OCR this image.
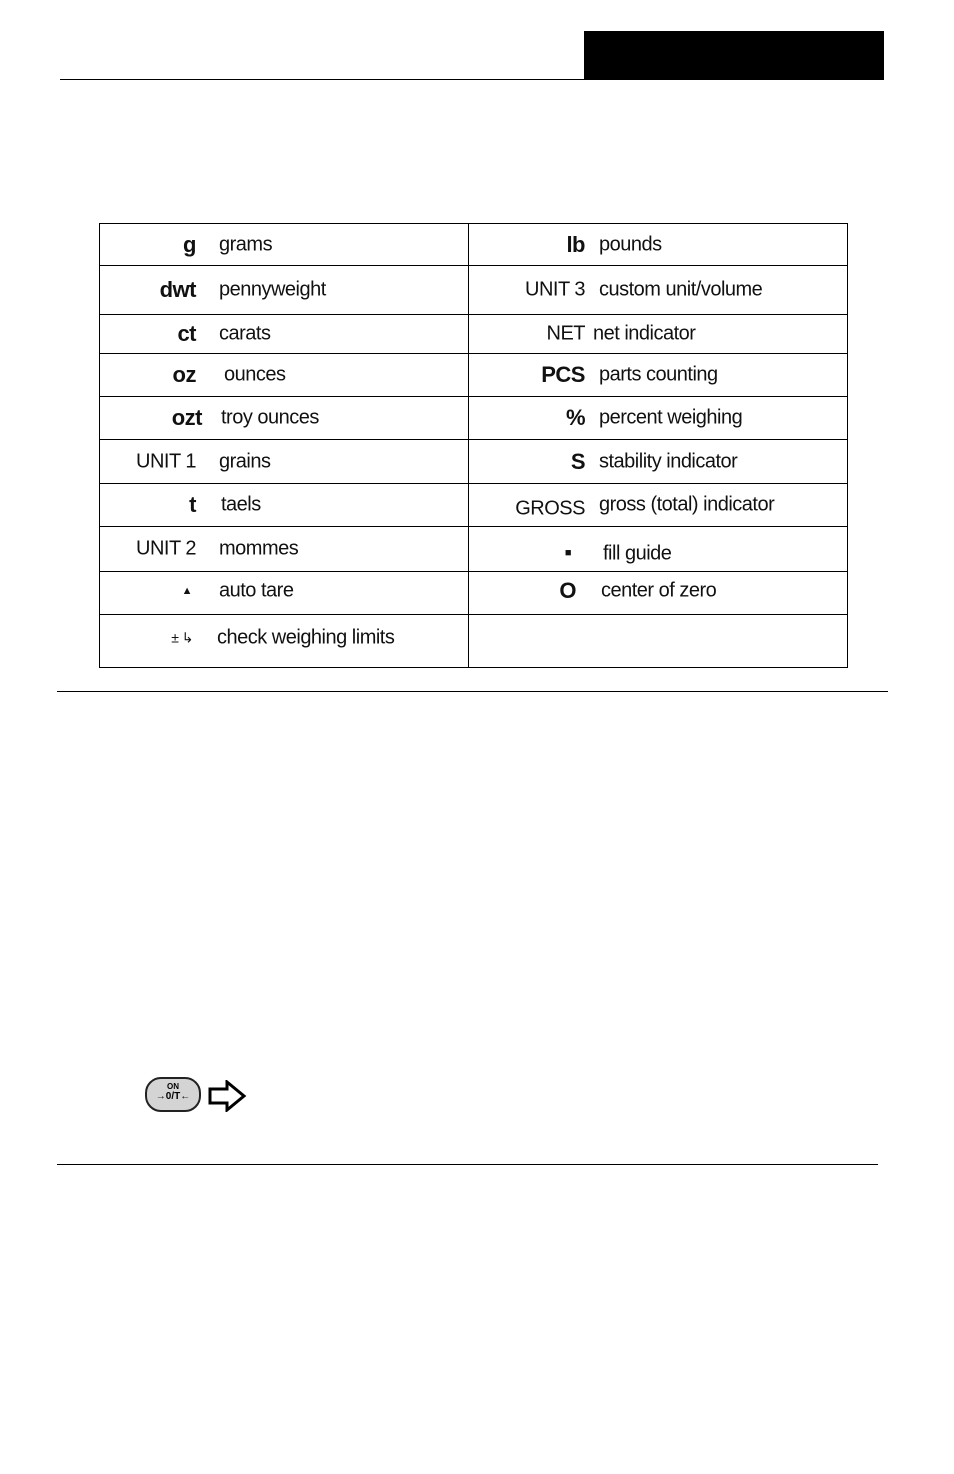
g grams	lb pounds

dwt pennyweight	UNIT 3 custom unit/volume

ct carats	NET net indicator

oz ounces	PCS parts counting

ozt troy ounces	% percent weighing

UNIT 1 grains	S stability indicator

t taels	GROSS gross (total) indicator

UNIT 2 mommes	■ fill guide

▲ auto tare	O center of zero

± ↳ check weighing limits	

ON
→0/T←
